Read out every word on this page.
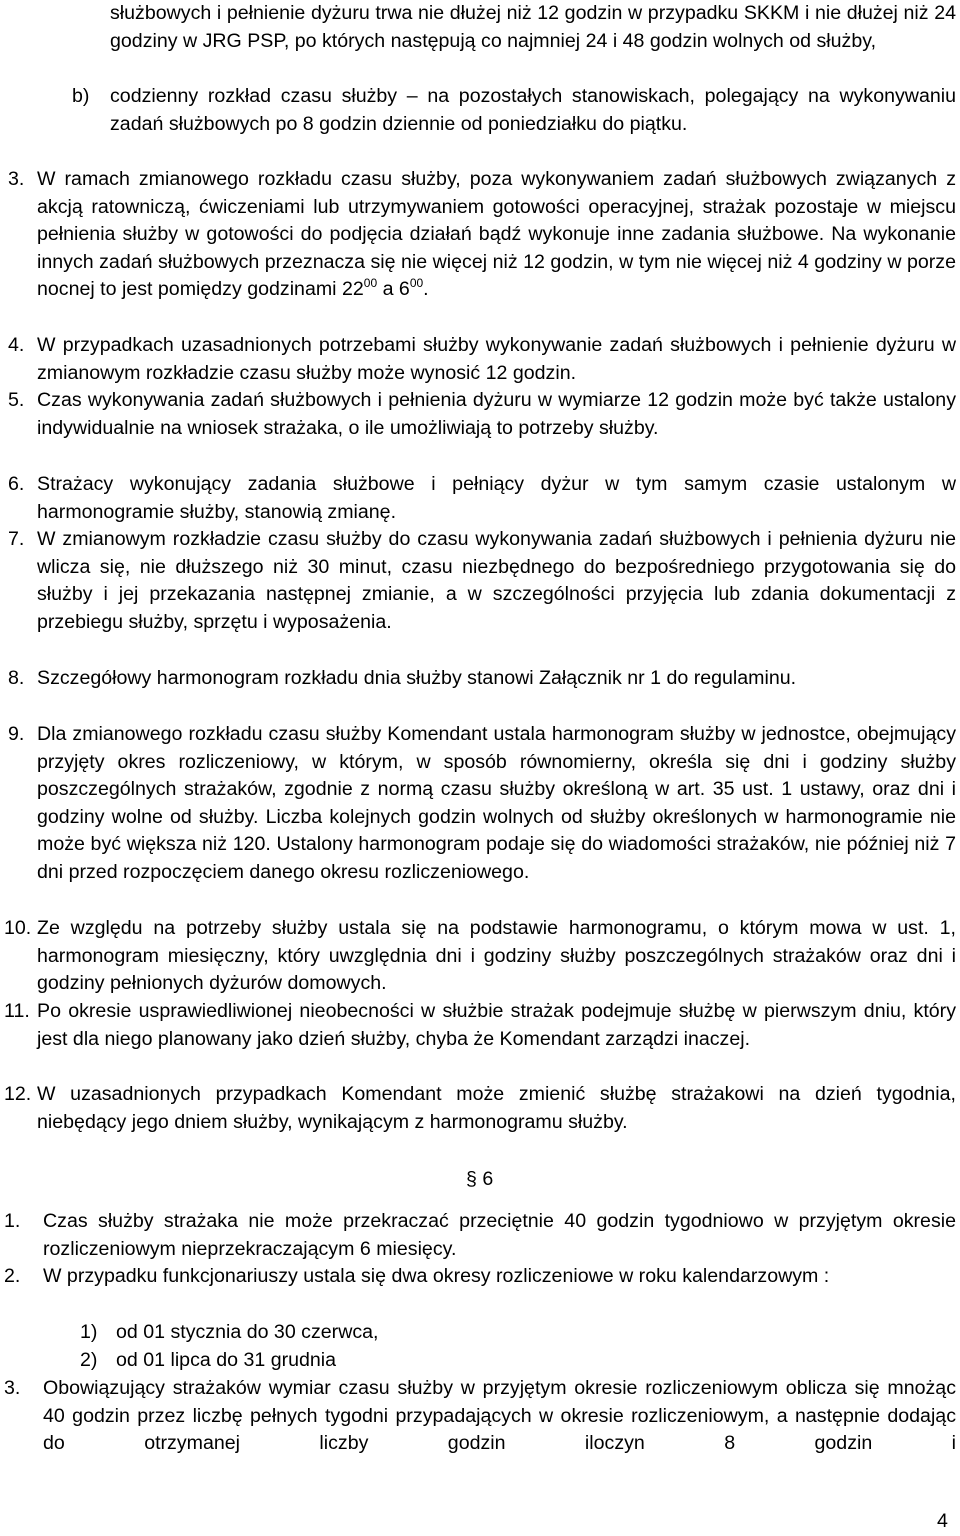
służbowych i pełnienie dyżuru trwa nie dłużej niż 12 godzin w przypadku SKKM i nie dłużej niż 24 godziny w JRG PSP, po których następują co najmniej 24 i 48 godzin wolnych od służby,
b) codzienny rozkład czasu służby – na pozostałych stanowiskach, polegający na wykonywaniu zadań służbowych po 8 godzin dziennie od poniedziałku do piątku.
3. W ramach zmianowego rozkładu czasu służby, poza wykonywaniem zadań służbowych związanych z akcją ratowniczą, ćwiczeniami lub utrzymywaniem gotowości operacyjnej, strażak pozostaje w miejscu pełnienia służby w gotowości do podjęcia działań bądź wykonuje inne zadania służbowe. Na wykonanie innych zadań służbowych przeznacza się nie więcej niż 12 godzin, w tym nie więcej niż 4 godziny w porze nocnej to jest pomiędzy godzinami $22^{00}$ a $6^{00}$.
4. W przypadkach uzasadnionych potrzebami służby wykonywanie zadań służbowych i pełnienie dyżuru w zmianowym rozkładzie czasu służby może wynosić 12 godzin.
5. Czas wykonywania zadań służbowych i pełnienia dyżuru w wymiarze 12 godzin może być także ustalony indywidualnie na wniosek strażaka, o ile umożliwiają to potrzeby służby.
6. Strażacy wykonujący zadania służbowe i pełniący dyżur w tym samym czasie ustalonym w harmonogramie służby, stanowią zmianę.
7. W zmianowym rozkładzie czasu służby do czasu wykonywania zadań służbowych i pełnienia dyżuru nie wlicza się, nie dłuższego niż 30 minut, czasu niezbędnego do bezpośredniego przygotowania się do służby i jej przekazania następnej zmianie, a w szczególności przyjęcia lub zdania dokumentacji z przebiegu służby, sprzętu i wyposażenia.
8. Szczegółowy harmonogram rozkładu dnia służby stanowi Załącznik nr 1 do regulaminu.
9. Dla zmianowego rozkładu czasu służby Komendant ustala harmonogram służby w jednostce, obejmujący przyjęty okres rozliczeniowy, w którym, w sposób równomierny, określa się dni i godziny służby poszczególnych strażaków, zgodnie z normą czasu służby określoną w art. 35 ust. 1 ustawy, oraz dni i godziny wolne od służby. Liczba kolejnych godzin wolnych od służby określonych w harmonogramie nie może być większa niż 120. Ustalony harmonogram podaje się do wiadomości strażaków, nie później niż 7 dni przed rozpoczęciem danego okresu rozliczeniowego.
10. Ze względu na potrzeby służby ustala się na podstawie harmonogramu, o którym mowa w ust. 1, harmonogram miesięczny, który uwzględnia dni i godziny służby poszczególnych strażaków oraz dni i godziny pełnionych dyżurów domowych.
11. Po okresie usprawiedliwionej nieobecności w służbie strażak podejmuje służbę w pierwszym dniu, który jest dla niego planowany jako dzień służby, chyba że Komendant zarządzi inaczej.
12. W uzasadnionych przypadkach Komendant może zmienić służbę strażakowi na dzień tygodnia, niebędący jego dniem służby, wynikającym z harmonogramu służby.
§ 6
1. Czas służby strażaka nie może przekraczać przeciętnie 40 godzin tygodniowo w przyjętym okresie rozliczeniowym nieprzekraczającym 6 miesięcy.
2. W przypadku funkcjonariuszy ustala się dwa okresy rozliczeniowe w roku kalendarzowym :
1) od 01 stycznia do 30 czerwca,
2) od 01 lipca do 31 grudnia
3. Obowiązujący strażaków wymiar czasu służby w przyjętym okresie rozliczeniowym oblicza się mnożąc 40 godzin przez liczbę pełnych tygodni przypadających w okresie rozliczeniowym, a następnie dodając do otrzymanej liczby godzin iloczyn 8 godzin i
4
